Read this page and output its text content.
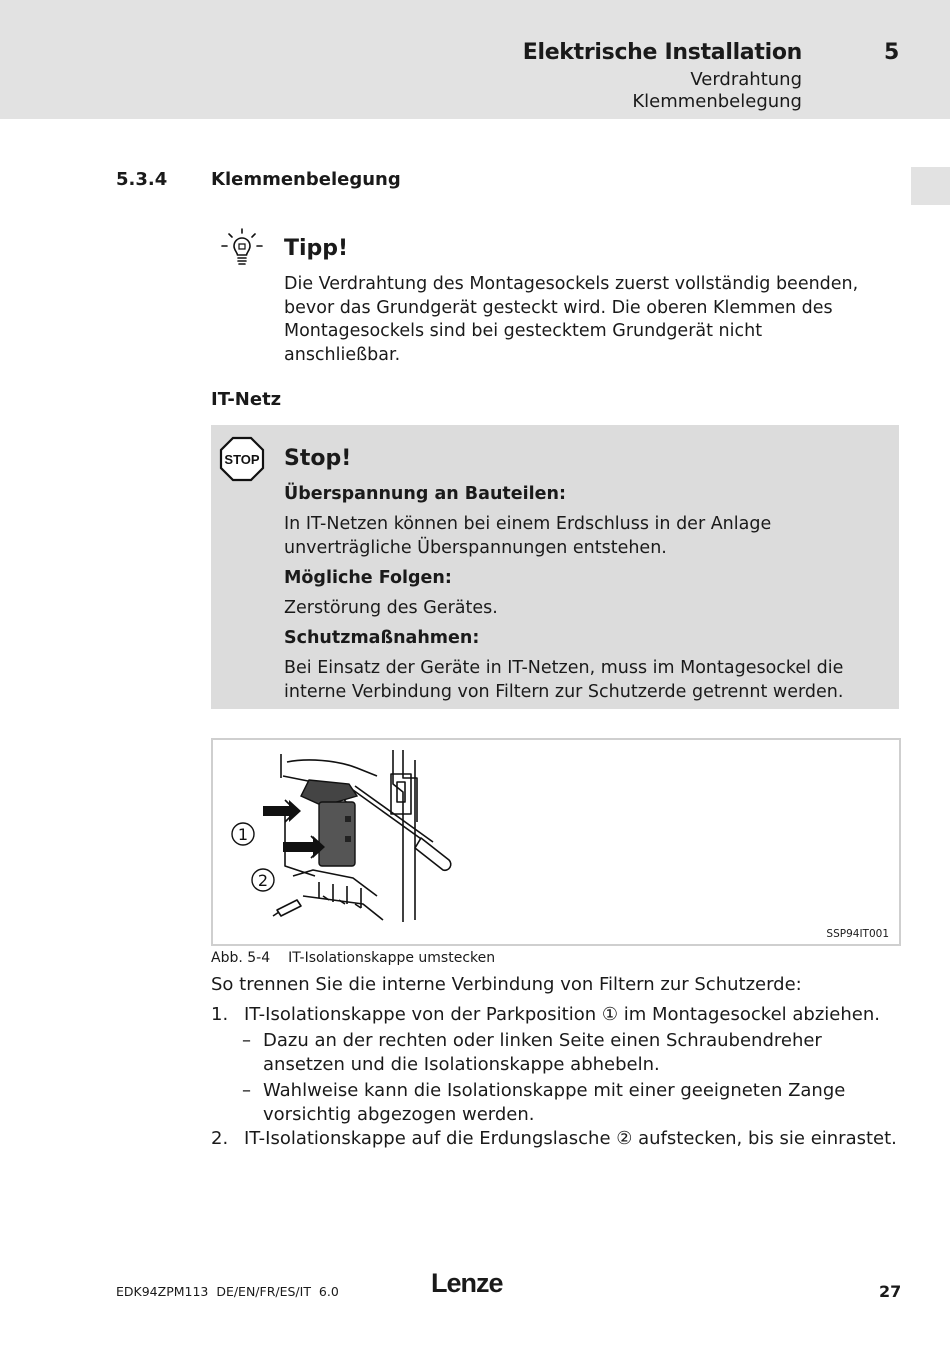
Elektrische Installation	5
Verdrahtung
Klemmenbelegung
5.3.4 Klemmenbelegung
Tipp!
Die Verdrahtung des Montagesockels zuerst vollständig beenden, bevor das Grundgerät gesteckt wird. Die oberen Klemmen des Montagesockels sind bei gestecktem Grundgerät nicht anschließbar.
IT-Netz
STOP Stop!
Überspannung an Bauteilen:
In IT-Netzen können bei einem Erdschluss in der Anlage unverträgliche Überspannungen entstehen.
Mögliche Folgen:
Zerstörung des Gerätes.
Schutzmaßnahmen:
Bei Einsatz der Geräte in IT-Netzen, muss im Montagesockel die interne Verbindung von Filtern zur Schutzerde getrennt werden.
1
2
SSP94IT001
Abb. 5-4 IT-Isolationskappe umstecken
So trennen Sie die interne Verbindung von Filtern zur Schutzerde:
1. IT-Isolationskappe von der Parkposition ① im Montagesockel abziehen.
– Dazu an der rechten oder linken Seite einen Schraubendreher ansetzen und die Isolationskappe abhebeln.
– Wahlweise kann die Isolationskappe mit einer geeigneten Zange vorsichtig abgezogen werden.
2. IT-Isolationskappe auf die Erdungslasche ② aufstecken, bis sie einrastet.
EDK94ZPM113  DE/EN/FR/ES/IT  6.0	Lenze	27
